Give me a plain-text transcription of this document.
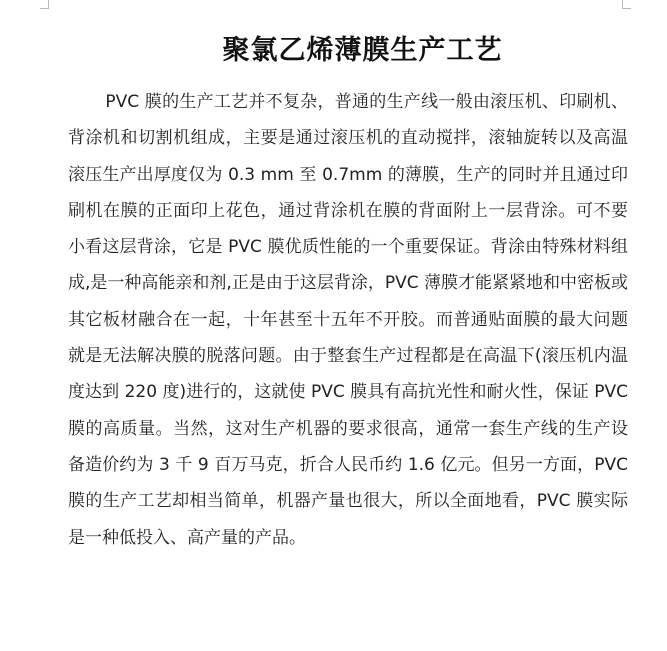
聚氯乙烯薄膜生产工艺

PVC 膜的生产工艺并不复杂，普通的生产线一般由滚压机、印刷机、背涂机和切割机组成，主要是通过滚压机的直动搅拌，滚轴旋转以及高温滚压生产出厚度仅为 0.3 mm 至 0.7mm 的薄膜，生产的同时并且通过印刷机在膜的正面印上花色，通过背涂机在膜的背面附上一层背涂。可不要小看这层背涂，它是 PVC 膜优质性能的一个重要保证。背涂由特殊材料组成,是一种高能亲和剂,正是由于这层背涂，PVC 薄膜才能紧紧地和中密板或其它板材融合在一起，十年甚至十五年不开胶。而普通贴面膜的最大问题就是无法解决膜的脱落问题。由于整套生产过程都是在高温下(滚压机内温度达到 220 度)进行的，这就使 PVC 膜具有高抗光性和耐火性，保证 PVC 膜的高质量。当然，这对生产机器的要求很高，通常一套生产线的生产设备造价约为 3 千 9 百万马克，折合人民币约 1.6 亿元。但另一方面，PVC 膜的生产工艺却相当简单，机器产量也很大，所以全面地看，PVC 膜实际是一种低投入、高产量的产品。
